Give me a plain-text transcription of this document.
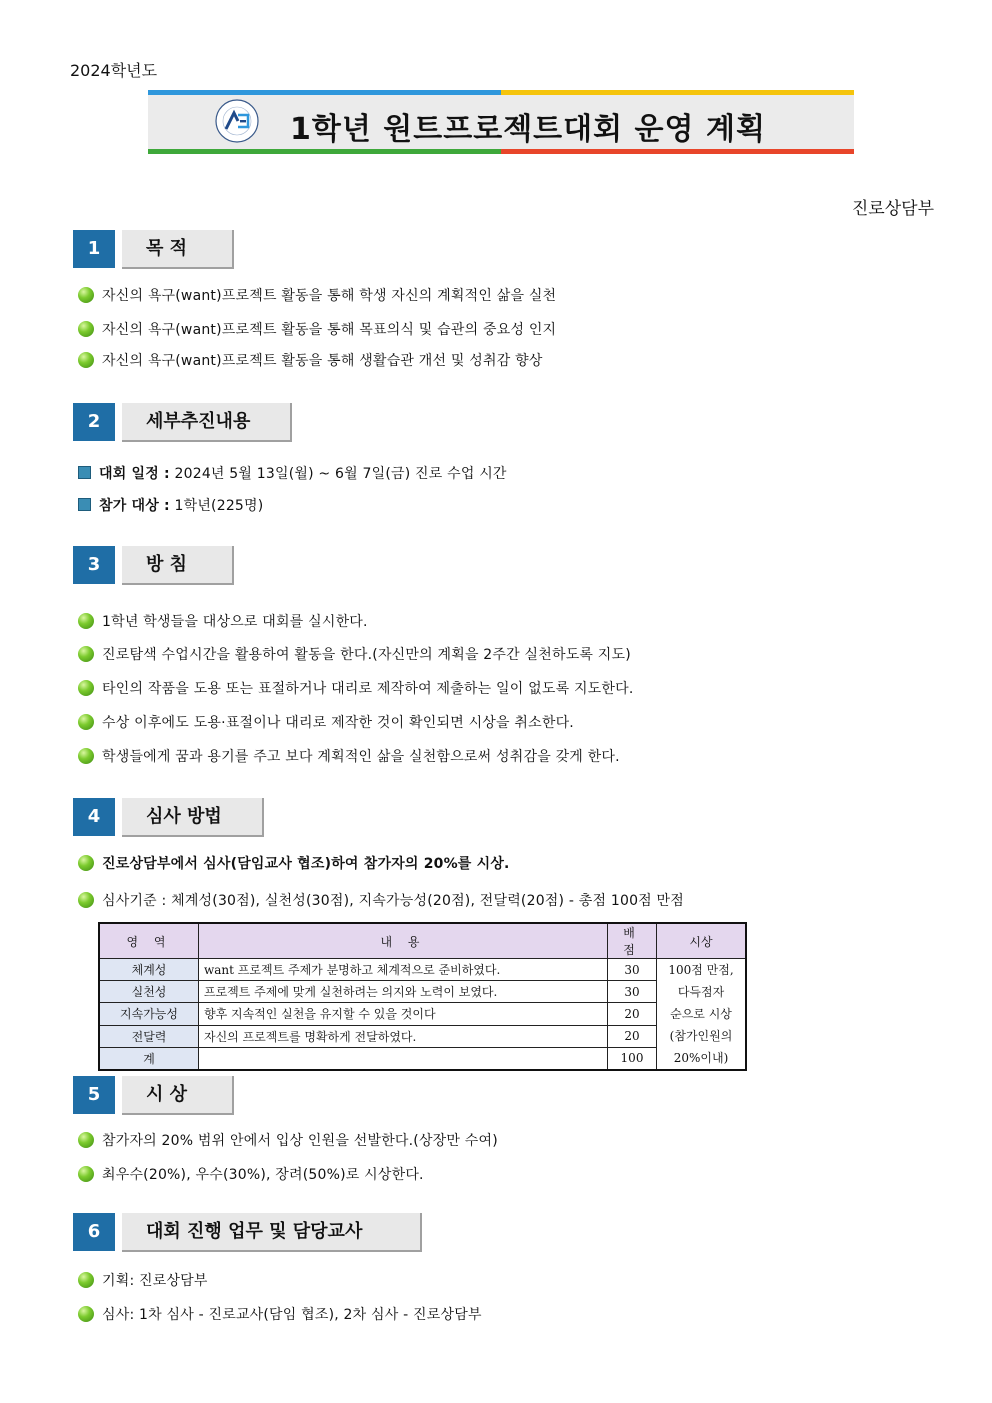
2024학년도
1학년 원트프로젝트대회 운영 계획
진로상담부
1	목 적
자신의 욕구(want)프로젝트 활동을 통해 학생 자신의 계획적인 삶을 실천
자신의 욕구(want)프로젝트 활동을 통해 목표의식 및 습관의 중요성 인지
자신의 욕구(want)프로젝트 활동을 통해 생활습관 개선 및 성취감 향상
2	세부추진내용
대회 일정 : 2024년 5월 13일(월) ~ 6월 7일(금) 진로 수업 시간
참가 대상 : 1학년(225명)
3	방 침
1학년 학생들을 대상으로 대회를 실시한다.
진로탐색 수업시간을 활용하여 활동을 한다.(자신만의 계획을 2주간 실천하도록 지도)
타인의 작품을 도용 또는 표절하거나 대리로 제작하여 제출하는 일이 없도록 지도한다.
수상 이후에도 도용·표절이나 대리로 제작한 것이 확인되면 시상을 취소한다.
학생들에게 꿈과 용기를 주고 보다 계획적인 삶을 실천함으로써 성취감을 갖게 한다.
4	심사 방법
진로상담부에서 심사(담임교사 협조)하여 참가자의 20%를 시상.
심사기준 : 체계성(30점), 실천성(30점), 지속가능성(20점), 전달력(20점) - 총점 100점 만점
영 역	내 용	배 점	시상
체계성	want 프로젝트 주제가 분명하고 체계적으로 준비하였다.	30	100점 만점,
다득점자
순으로 시상
(참가인원의
20%이내)

실천성	프로젝트 주제에 맞게 실천하려는 의지와 노력이 보였다.	30	
지속가능성	향후 지속적인 실천을 유지할 수 있을 것이다	20	
전달력	자신의 프로젝트를 명확하게 전달하였다.	20	
계		100	
5	시 상
참가자의 20% 범위 안에서 입상 인원을 선발한다.(상장만 수여)
최우수(20%), 우수(30%), 장려(50%)로 시상한다.
6	대회 진행 업무 및 담당교사
기획: 진로상담부
심사: 1차 심사 - 진로교사(담임 협조), 2차 심사 - 진로상담부
